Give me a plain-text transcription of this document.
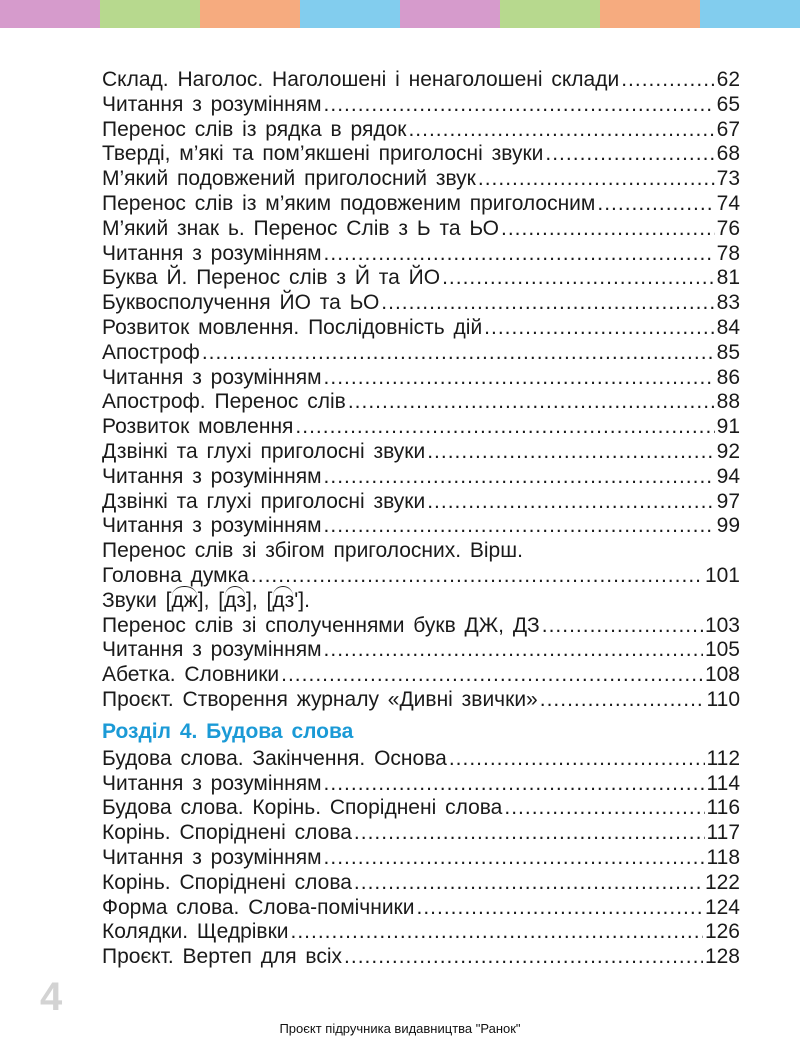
Склад. Наголос. Наголошені і ненаголошені склади .....	62
Читання з розумінням .....	65
Перенос слів із рядка в рядок .....	67
Тверді, м’які та пом’якшені приголосні звуки .....	68
М’який подовжений приголосний звук .....	73
Перенос слів із м’яким подовженим приголосним .....	74
М’який знак ь. Перенос Слів з Ь та ЬО .....	76
Читання з розумінням .....	78
Буква Й. Перенос слів з Й та ЙО .....	81
Буквосполучення ЙО та ЬО .....	83
Розвиток мовлення. Послідовність дій .....	84
Апостроф .....	85
Читання з розумінням .....	86
Апостроф. Перенос слів .....	88
Розвиток мовлення .....	91
Дзвінкі та глухі приголосні звуки .....	92
Читання з розумінням .....	94
Дзвінкі та глухі приголосні звуки .....	97
Читання з розумінням .....	99
Перенос слів зі збігом приголосних. Вірш.
Головна думка .....	101
Звуки [дж], [дз], [дзʹ].
Перенос слів зі сполученнями букв ДЖ, ДЗ .....	103
Читання з розумінням .....	105
Абетка. Словники .....	108
Проєкт. Створення журналу «Дивні звички» .....	110
Розділ 4. Будова слова
Будова слова. Закінчення. Основа .....	112
Читання з розумінням .....	114
Будова слова. Корінь. Споріднені слова .....	116
Корінь. Споріднені слова .....	117
Читання з розумінням .....	118
Корінь. Споріднені слова .....	122
Форма слова. Слова-помічники .....	124
Колядки. Щедрівки .....	126
Проєкт. Вертеп для всіх .....	128
4
Проєкт підручника видавництва "Ранок"
